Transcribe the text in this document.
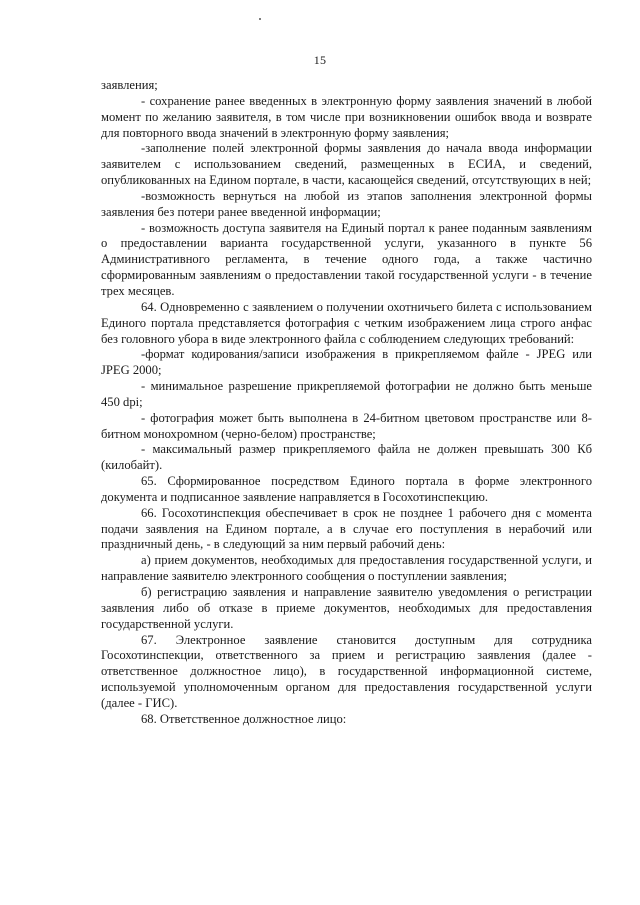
15

заявления;

- сохранение ранее введенных в электронную форму заявления значений в любой момент по желанию заявителя, в том числе при возникновении ошибок ввода и возврате для повторного ввода значений в электронную форму заявления;

-заполнение полей электронной формы заявления до начала ввода информации заявителем с использованием сведений, размещенных в ЕСИА, и сведений, опубликованных на Едином портале, в части, касающейся сведений, отсутствующих в ней;

-возможность вернуться на любой из этапов заполнения электронной формы заявления без потери ранее введенной информации;

- возможность доступа заявителя на Единый портал к ранее поданным заявлениям о предоставлении варианта государственной услуги, указанного в пункте 56 Административного регламента, в течение одного года, а также частично сформированным заявлениям о предоставлении такой государственной услуги - в течение трех месяцев.

64. Одновременно с заявлением о получении охотничьего билета с использованием Единого портала представляется фотография с четким изображением лица строго анфас без головного убора в виде электронного файла с соблюдением следующих требований:

-формат кодирования/записи изображения в прикрепляемом файле - JPEG или JPEG 2000;

- минимальное разрешение прикрепляемой фотографии не должно быть меньше 450 dpi;

- фотография может быть выполнена в 24-битном цветовом пространстве или 8-битном монохромном (черно-белом) пространстве;

- максимальный размер прикрепляемого файла не должен превышать 300 Кб (килобайт).

65. Сформированное посредством Единого портала в форме электронного документа и подписанное заявление направляется в Госохотинспекцию.

66. Госохотинспекция обеспечивает в срок не позднее 1 рабочего дня с момента подачи заявления на Едином портале, а в случае его поступления в нерабочий или праздничный день, - в следующий за ним первый рабочий день:

а) прием документов, необходимых для предоставления государственной услуги, и направление заявителю электронного сообщения о поступлении заявления;

б) регистрацию заявления и направление заявителю уведомления о регистрации заявления либо об отказе в приеме документов, необходимых для предоставления государственной услуги.

67. Электронное заявление становится доступным для сотрудника Госохотинспекции, ответственного за прием и регистрацию заявления (далее - ответственное должностное лицо), в государственной информационной системе, используемой уполномоченным органом для предоставления государственной услуги (далее - ГИС).

68. Ответственное должностное лицо:
